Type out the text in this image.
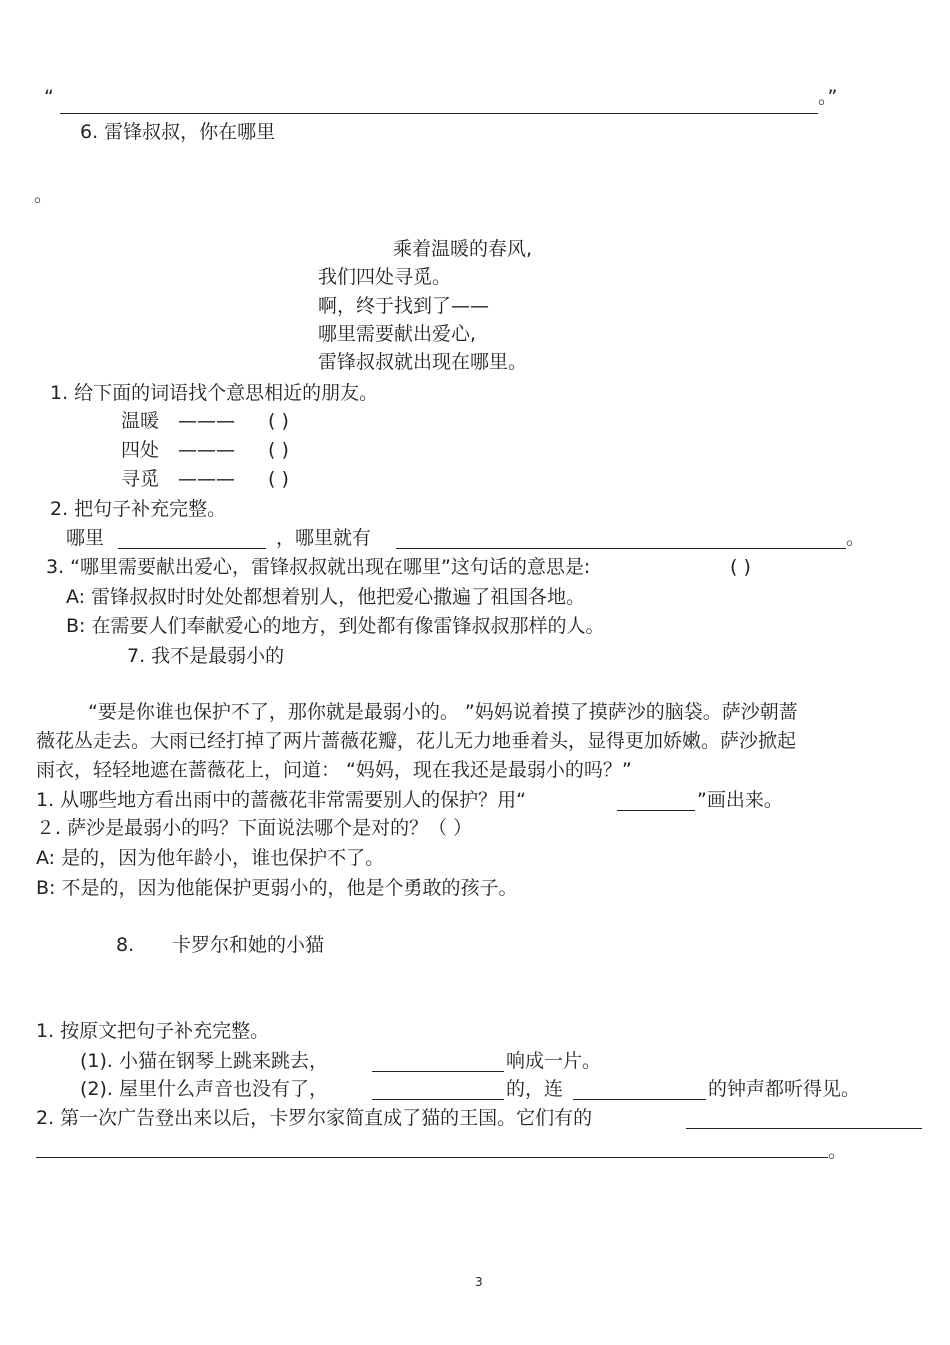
“	。”
6. 雷锋叔叔，你在哪里
。
乘着温暖的春风,
我们四处寻觅。
啊，终于找到了——
哪里需要献出爱心,
雷锋叔叔就出现在哪里。
1. 给下面的词语找个意思相近的朋友。
温暖 ——— ( )
四处 ——— ( )
寻觅 ——— ( )
2. 把句子补充完整。
哪里	，哪里就有	。
3. “哪里需要献出爱心，雷锋叔叔就出现在哪里”这句话的意思是:	( )
A: 雷锋叔叔时时处处都想着别人，他把爱心撒遍了祖国各地。
B: 在需要人们奉献爱心的地方，到处都有像雷锋叔叔那样的人。
7. 我不是最弱小的
“要是你谁也保护不了，那你就是最弱小的。 ”妈妈说着摸了摸萨沙的脑袋。萨沙朝蔷
薇花丛走去。大雨已经打掉了两片蔷薇花瓣，花儿无力地垂着头，显得更加娇嫩。萨沙掀起
雨衣，轻轻地遮在蔷薇花上，问道： “妈妈，现在我还是最弱小的吗？”
1. 从哪些地方看出雨中的蔷薇花非常需要别人的保护？用“	”画出来。
２. 萨沙是最弱小的吗？下面说法哪个是对的？（ ）
A: 是的，因为他年龄小，谁也保护不了。
B: 不是的，因为他能保护更弱小的，他是个勇敢的孩子。
8. 卡罗尔和她的小猫
1. 按原文把句子补充完整。
(1). 小猫在钢琴上跳来跳去，	响成一片。
(2). 屋里什么声音也没有了，	的，连	的钟声都听得见。
2. 第一次广告登出来以后，卡罗尔家简直成了猫的王国。它们有的
。
3
